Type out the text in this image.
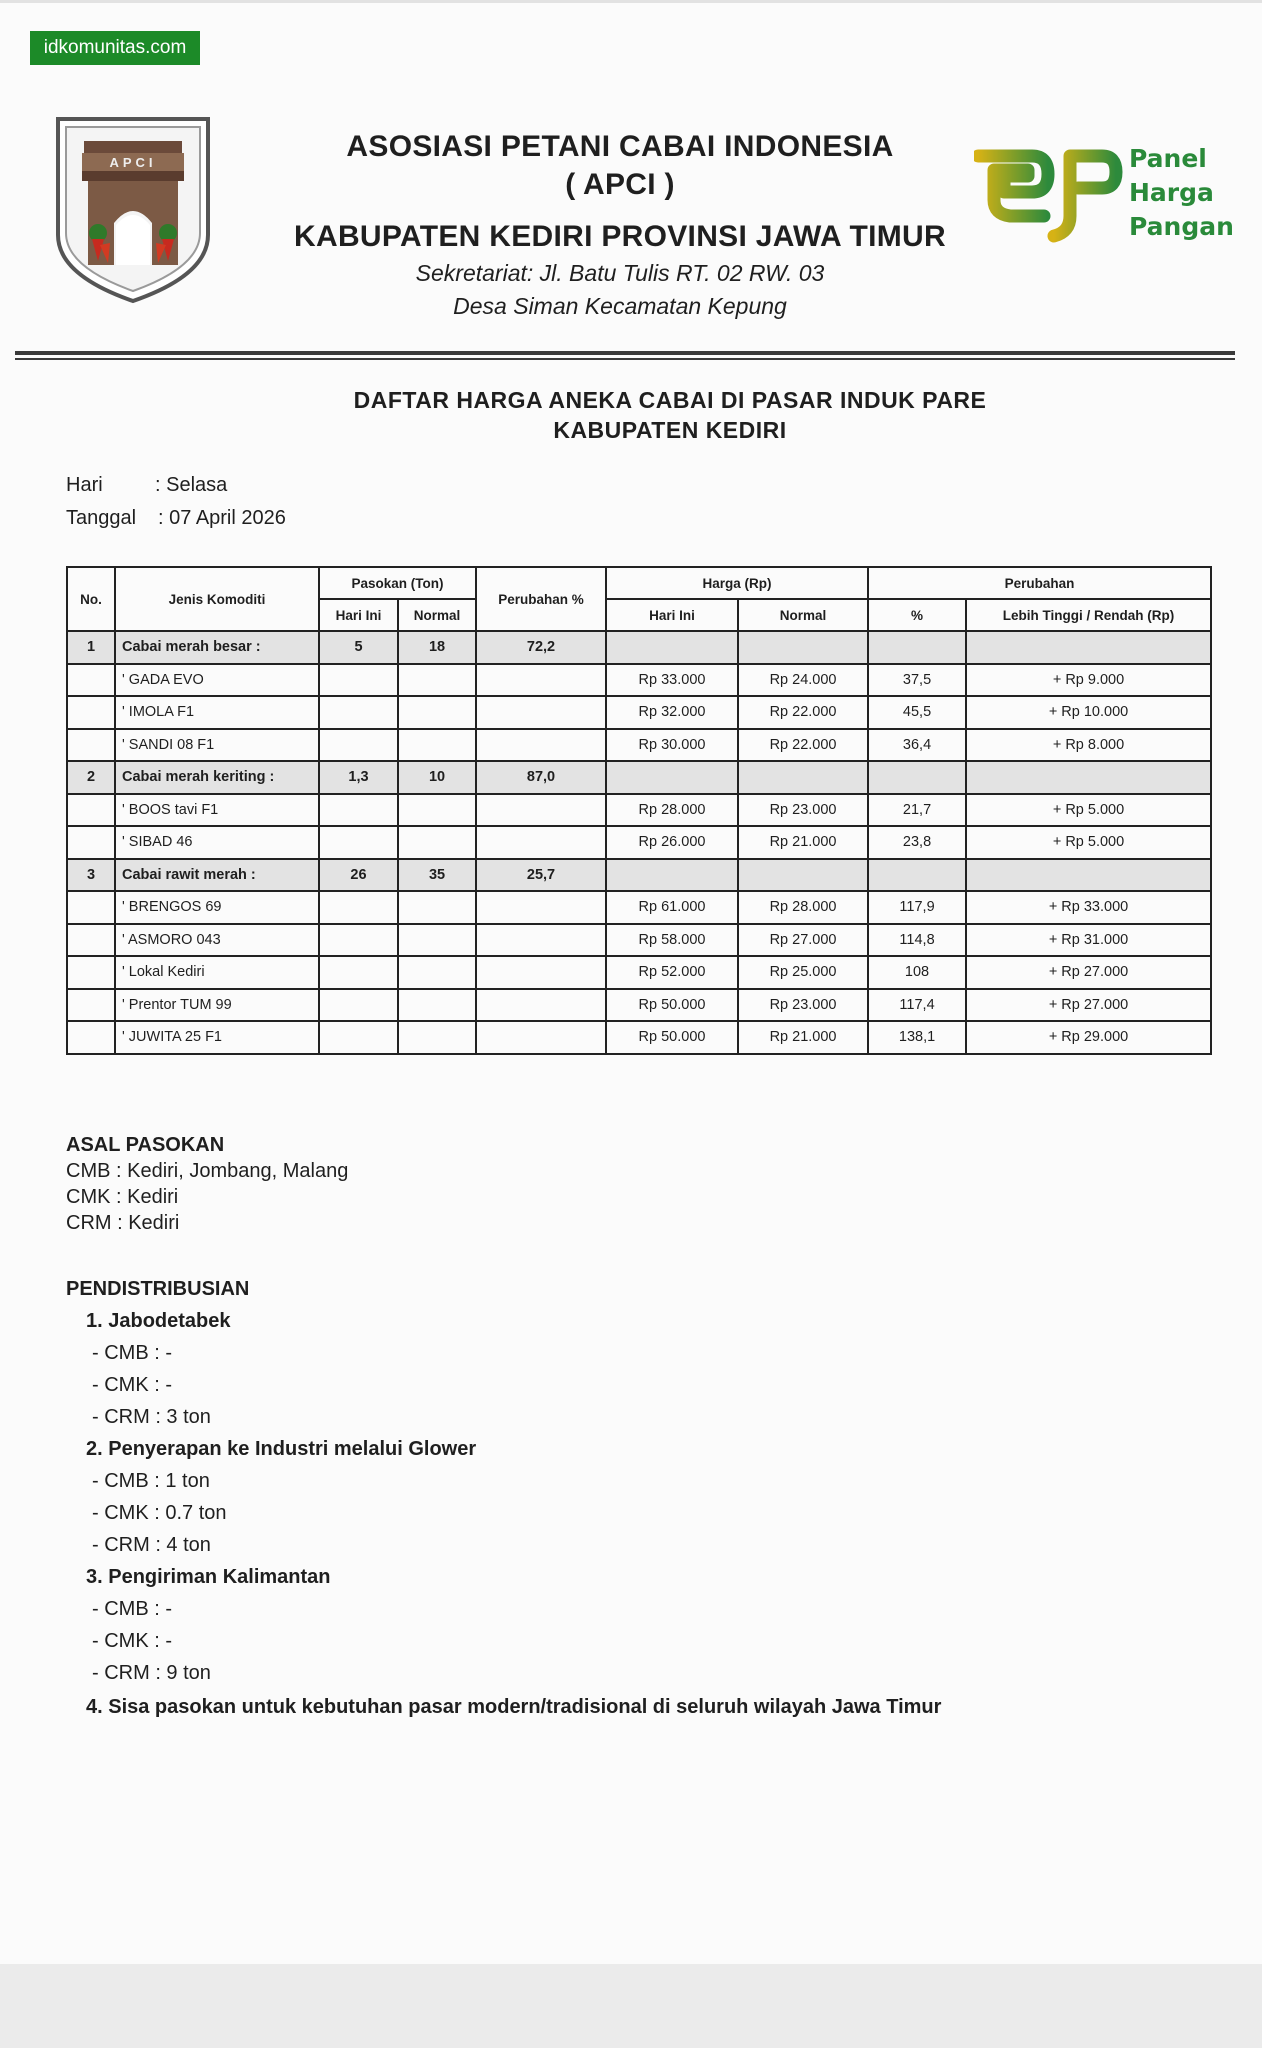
idkomunitas.com
APCI	ASOSIASI PETANI CABAI INDONESIA
( APCI )
KABUPATEN KEDIRI PROVINSI JAWA TIMUR
Sekretariat: Jl. Batu Tulis RT. 02 RW. 03
Desa Siman Kecamatan Kepung
Panel
Harga
Pangan
DAFTAR HARGA ANEKA CABAI DI PASAR INDUK PARE
KABUPATEN KEDIRI
Hari	: Selasa
Tanggal : 07 April 2026
No.	Jenis Komoditi	Pasokan (Ton)		Perubahan %	Harga (Rp)		Perubahan	
		Hari Ini	Normal		Hari Ini	Normal	%	Lebih Tinggi / Rendah (Rp)
1	Cabai merah besar :	5	18	72,2				
	' GADA EVO				Rp 33.000	Rp 24.000	37,5	+ Rp 9.000
	' IMOLA F1				Rp 32.000	Rp 22.000	45,5	+ Rp 10.000
	' SANDI 08 F1				Rp 30.000	Rp 22.000	36,4	+ Rp 8.000
2	Cabai merah keriting :	1,3	10	87,0				
	' BOOS tavi F1				Rp 28.000	Rp 23.000	21,7	+ Rp 5.000
	' SIBAD 46				Rp 26.000	Rp 21.000	23,8	+ Rp 5.000
3	Cabai rawit merah :	26	35	25,7				
	' BRENGOS 69				Rp 61.000	Rp 28.000	117,9	+ Rp 33.000
	' ASMORO 043				Rp 58.000	Rp 27.000	114,8	+ Rp 31.000
	' Lokal Kediri				Rp 52.000	Rp 25.000	108	+ Rp 27.000
	' Prentor TUM 99				Rp 50.000	Rp 23.000	117,4	+ Rp 27.000
	' JUWITA 25 F1				Rp 50.000	Rp 21.000	138,1	+ Rp 29.000
ASAL PASOKAN
CMB : Kediri, Jombang, Malang
CMK : Kediri
CRM : Kediri
PENDISTRIBUSIAN
1. Jabodetabek
- CMB : -
- CMK : -
- CRM : 3 ton
2. Penyerapan ke Industri melalui Glower
- CMB : 1 ton
- CMK : 0.7 ton
- CRM : 4 ton
3. Pengiriman Kalimantan
- CMB : -
- CMK : -
- CRM : 9 ton
4. Sisa pasokan untuk kebutuhan pasar modern/tradisional di seluruh wilayah Jawa Timur
